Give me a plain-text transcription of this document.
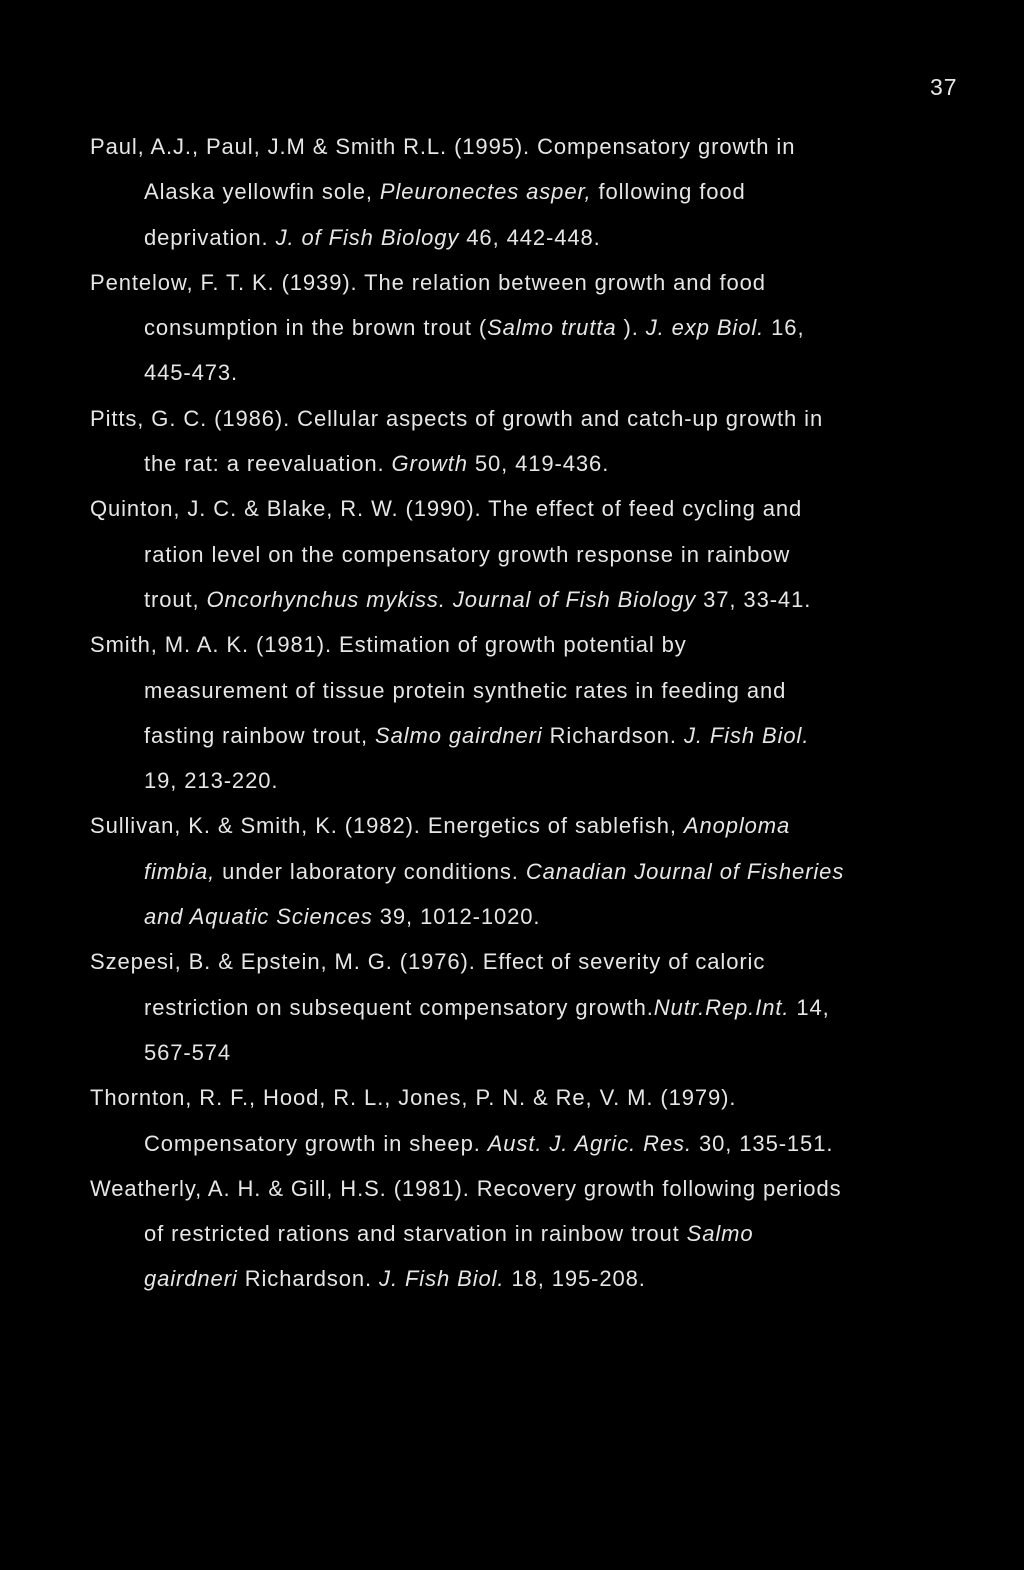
37
Paul, A.J., Paul, J.M & Smith R.L. (1995). Compensatory growth in
Alaska yellowfin sole, Pleuronectes asper, following food
deprivation. J. of Fish Biology 46, 442-448.
Pentelow, F. T. K. (1939). The relation between growth and food
consumption in the brown trout (Salmo trutta ). J. exp Biol. 16,
445-473.
Pitts, G. C. (1986). Cellular aspects of growth and catch-up growth in
the rat: a reevaluation. Growth 50, 419-436.
Quinton, J. C. & Blake, R. W. (1990). The effect of feed cycling and
ration level on the compensatory growth response in rainbow
trout, Oncorhynchus mykiss. Journal of Fish Biology 37, 33-41.
Smith, M. A. K. (1981). Estimation of growth potential by
measurement of tissue protein synthetic rates in feeding and
fasting rainbow trout, Salmo gairdneri Richardson. J. Fish Biol.
19, 213-220.
Sullivan, K. & Smith, K. (1982). Energetics of sablefish, Anoploma
fimbia, under laboratory conditions. Canadian Journal of Fisheries
and Aquatic Sciences 39, 1012-1020.
Szepesi, B. & Epstein, M. G. (1976). Effect of severity of caloric
restriction on subsequent compensatory growth.Nutr.Rep.Int. 14,
567-574
Thornton, R. F., Hood, R. L., Jones, P. N. & Re, V. M. (1979).
Compensatory growth in sheep. Aust. J. Agric. Res. 30, 135-151.
Weatherly, A. H. & Gill, H.S. (1981). Recovery growth following periods
of restricted rations and starvation in rainbow trout Salmo
gairdneri Richardson. J. Fish Biol. 18, 195-208.
